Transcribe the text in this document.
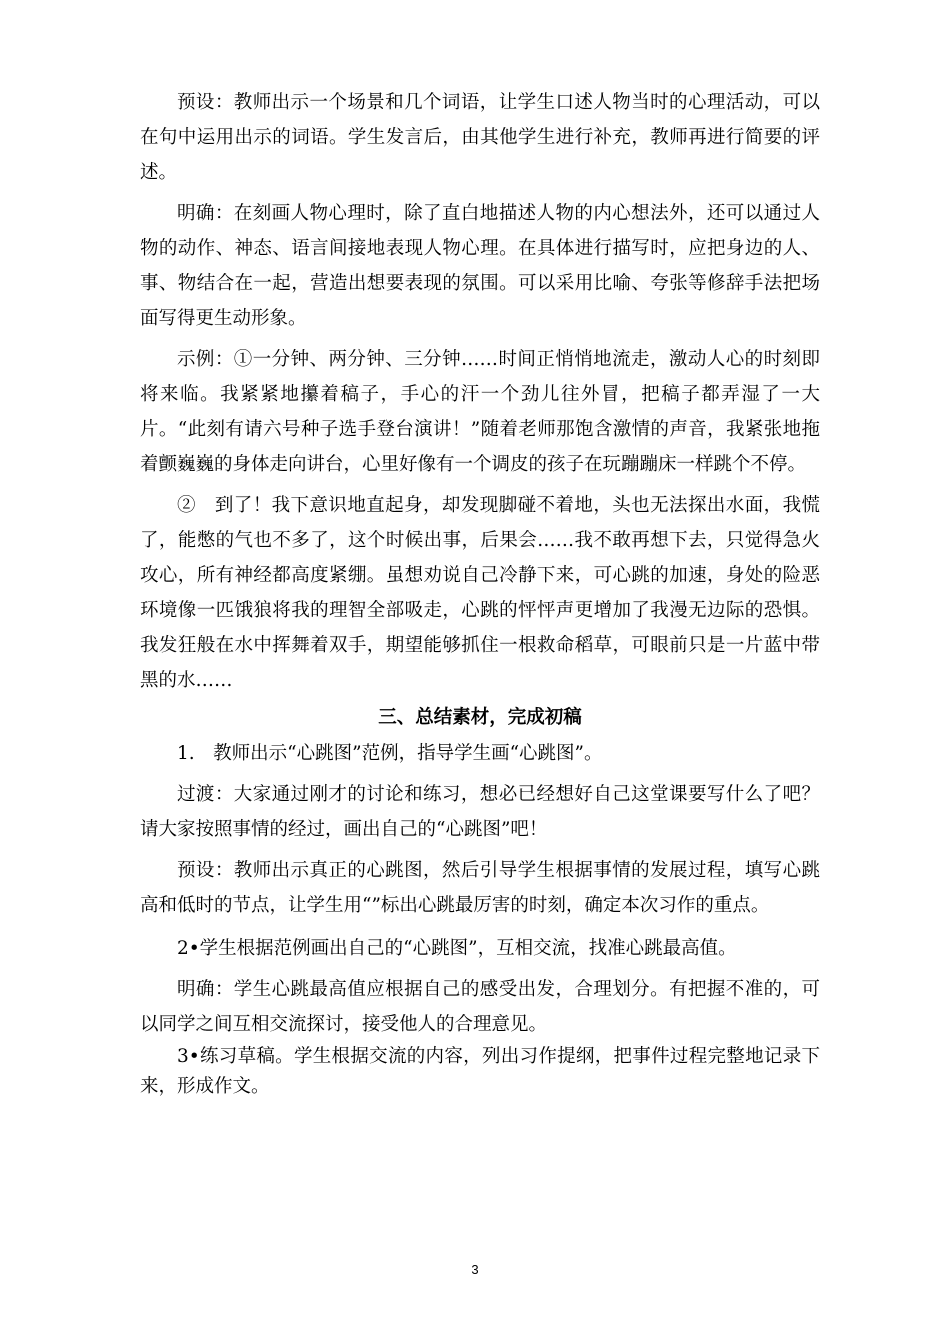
预设：教师出示一个场景和几个词语，让学生口述人物当时的心理活动，可以在句中运用出示的词语。学生发言后，由其他学生进行补充，教师再进行简要的评述。

明确：在刻画人物心理时，除了直白地描述人物的内心想法外，还可以通过人物的动作、神态、语言间接地表现人物心理。在具体进行描写时，应把身边的人、事、物结合在一起，营造出想要表现的氛围。可以采用比喻、夸张等修辞手法把场面写得更生动形象。

示例：①一分钟、两分钟、三分钟……时间正悄悄地流走，激动人心的时刻即将来临。我紧紧地攥着稿子，手心的汗一个劲儿往外冒，把稿子都弄湿了一大片。“此刻有请六号种子选手登台演讲！”随着老师那饱含激情的声音，我紧张地拖着颤巍巍的身体走向讲台，心里好像有一个调皮的孩子在玩蹦蹦床一样跳个不停。

②　到了！我下意识地直起身，却发现脚碰不着地，头也无法探出水面，我慌了，能憋的气也不多了，这个时候出事，后果会……我不敢再想下去，只觉得急火攻心，所有神经都高度紧绷。虽想劝说自己冷静下来，可心跳的加速，身处的险恶环境像一匹饿狼将我的理智全部吸走，心跳的怦怦声更增加了我漫无边际的恐惧。我发狂般在水中挥舞着双手，期望能够抓住一根救命稻草，可眼前只是一片蓝中带黑的水……

三、总结素材，完成初稿

1.　教师出示“心跳图”范例，指导学生画“心跳图”。

过渡：大家通过刚才的讨论和练习，想必已经想好自己这堂课要写什么了吧？请大家按照事情的经过，画出自己的“心跳图”吧！

预设：教师出示真正的心跳图，然后引导学生根据事情的发展过程，填写心跳高和低时的节点，让学生用“”标出心跳最厉害的时刻，确定本次习作的重点。

2•学生根据范例画出自己的“心跳图”，互相交流，找准心跳最高值。

明确：学生心跳最高值应根据自己的感受出发，合理划分。有把握不准的，可以同学之间互相交流探讨，接受他人的合理意见。

3•练习草稿。学生根据交流的内容，列出习作提纲，把事件过程完整地记录下来，形成作文。

3
